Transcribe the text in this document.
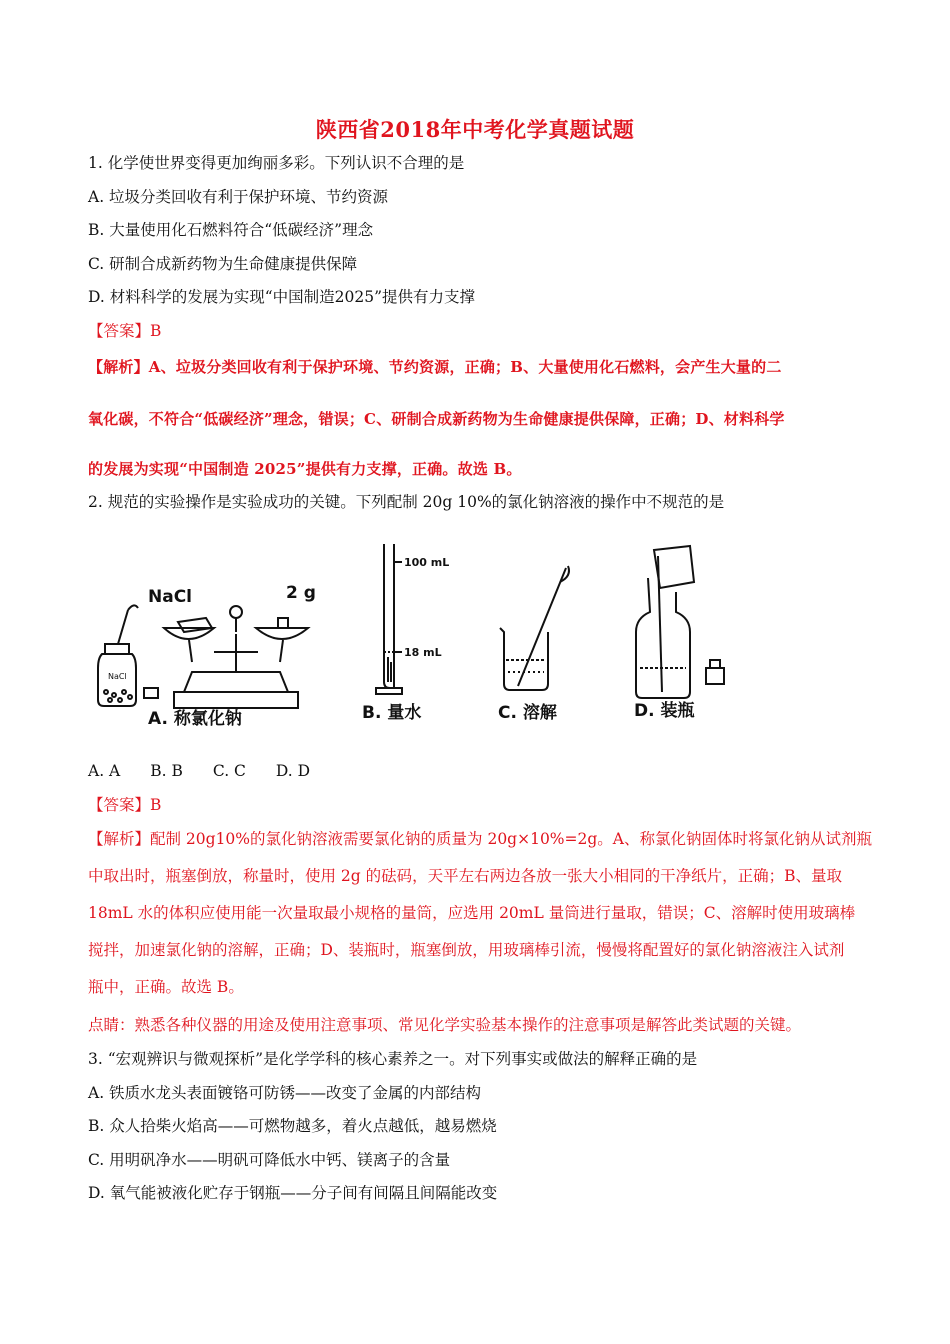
陕西省2018年中考化学真题试题
1. 化学使世界变得更加绚丽多彩。下列认识不合理的是
A. 垃圾分类回收有利于保护环境、节约资源
B. 大量使用化石燃料符合“低碳经济”理念
C. 研制合成新药物为生命健康提供保障
D. 材料科学的发展为实现“中国制造2025”提供有力支撑
【答案】B
【解析】A、垃圾分类回收有利于保护环境、节约资源，正确；B、大量使用化石燃料，会产生大量的二
氧化碳，不符合“低碳经济”理念，错误；C、研制合成新药物为生命健康提供保障，正确；D、材料科学
的发展为实现“中国制造 2025”提供有力支撑，正确。故选 B。
2. 规范的实验操作是实验成功的关键。下列配制 20g 10%的氯化钠溶液的操作中不规范的是
NaCl	2 g
NaCl
100 mL
18 mL
A. 称氯化钠	B. 量水	C. 溶解	D. 装瓶
A. A B. B C. C D. D
【答案】B
【解析】配制 20g10%的氯化钠溶液需要氯化钠的质量为 20g×10%=2g。A、称氯化钠固体时将氯化钠从试剂瓶
中取出时，瓶塞倒放，称量时，使用 2g 的砝码，天平左右两边各放一张大小相同的干净纸片，正确；B、量取
18mL 水的体积应使用能一次量取最小规格的量筒，应选用 20mL 量筒进行量取，错误；C、溶解时使用玻璃棒
搅拌，加速氯化钠的溶解，正确；D、装瓶时，瓶塞倒放，用玻璃棒引流，慢慢将配置好的氯化钠溶液注入试剂
瓶中，正确。故选 B。
点睛：熟悉各种仪器的用途及使用注意事项、常见化学实验基本操作的注意事项是解答此类试题的关键。
3. “宏观辨识与微观探析”是化学学科的核心素养之一。对下列事实或做法的解释正确的是
A. 铁质水龙头表面镀铬可防锈——改变了金属的内部结构
B. 众人拾柴火焰高——可燃物越多，着火点越低，越易燃烧
C. 用明矾净水——明矾可降低水中钙、镁离子的含量
D. 氧气能被液化贮存于钢瓶——分子间有间隔且间隔能改变
